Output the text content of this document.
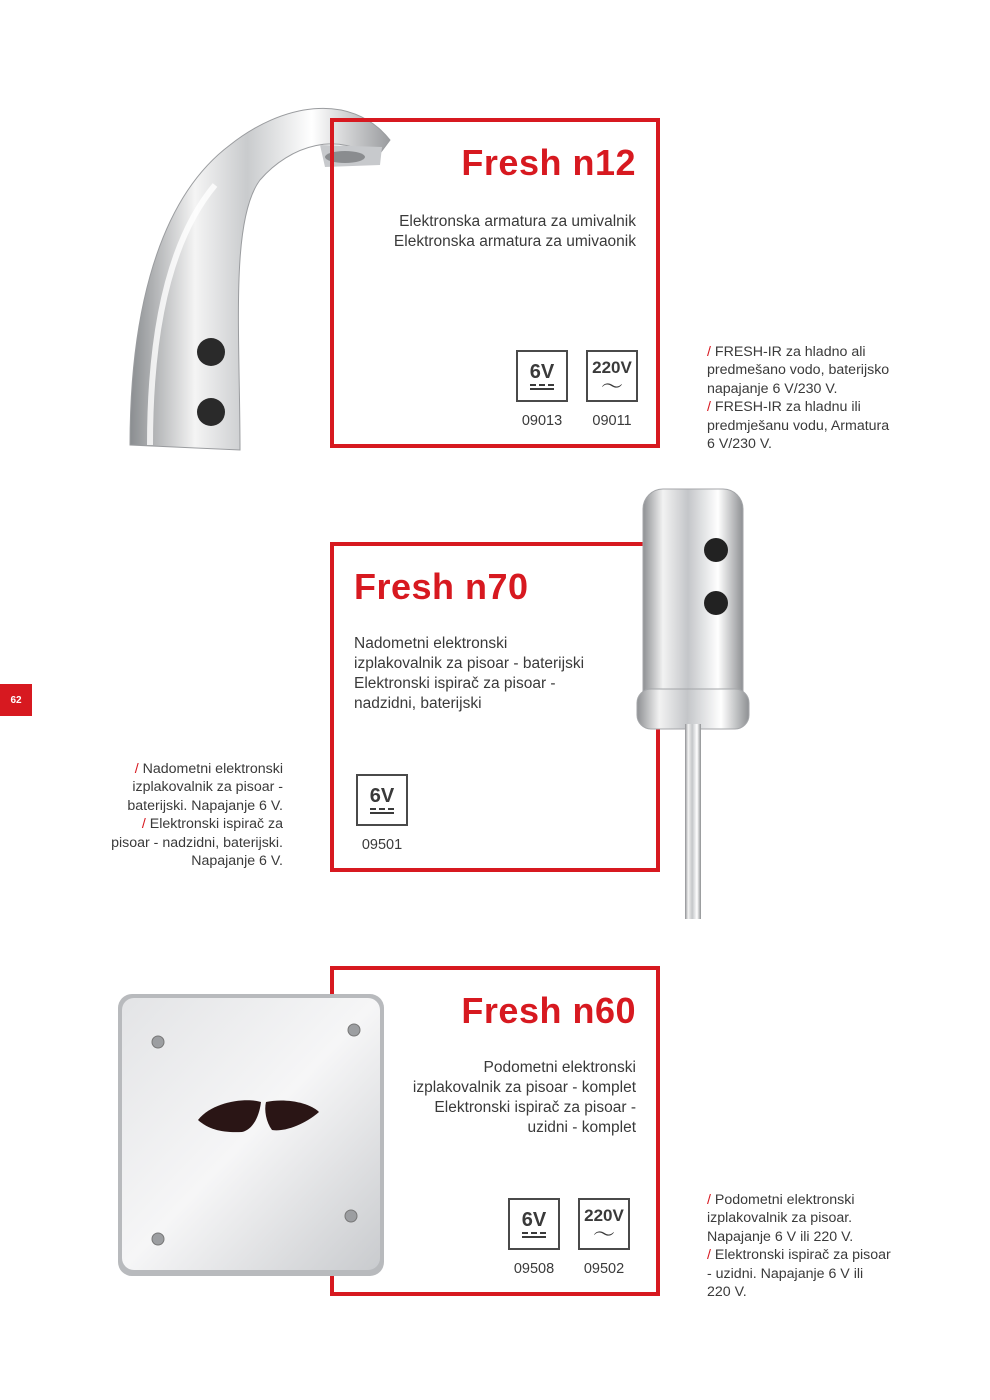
Fresh n12
Elektronska armatura za umivalnik
Elektronska armatura za umivaonik
6V 220V
〜
09013	09011
/ FRESH-IR za hladno ali
predmešano vodo, baterijsko
napajanje 6 V/230 V.
/ FRESH-IR za hladnu ili
predmješanu vodu, Armatura
6 V/230 V.
Fresh n70
Nadometni elektronski
izplakovalnik za pisoar - baterijski
Elektronski ispirač za pisoar -
nadzidni, baterijski
6V
09501
/ Nadometni elektronski
izplakovalnik za pisoar -
baterijski. Napajanje 6 V.
/ Elektronski ispirač za
pisoar - nadzidni, baterijski.
Napajanje 6 V.
62
Fresh n60
Podometni elektronski
izplakovalnik za pisoar - komplet
Elektronski ispirač za pisoar -
uzidni - komplet
6V 220V
〜
09508	09502
/ Podometni elektronski
izplakovalnik za pisoar.
Napajanje 6 V ili 220 V.
/ Elektronski ispirač za pisoar
- uzidni. Napajanje 6 V ili
220 V.
